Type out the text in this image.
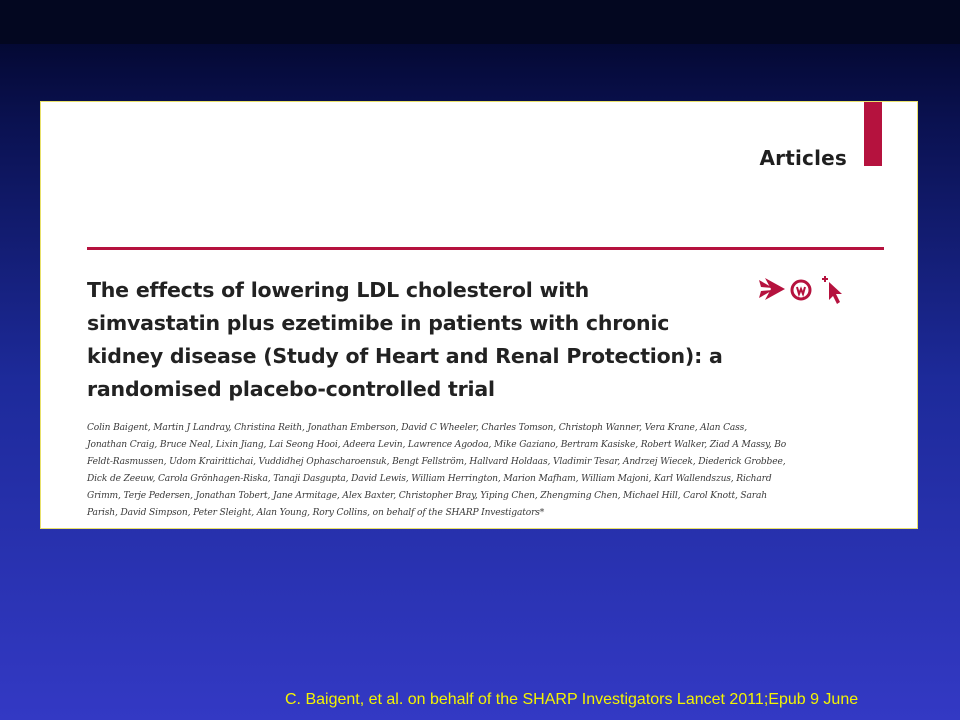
Articles
The effects of lowering LDL cholesterol with simvastatin plus ezetimibe in patients with chronic kidney disease (Study of Heart and Renal Protection): a randomised placebo-controlled trial

Colin Baigent, Martin J Landray, Christina Reith, Jonathan Emberson, David C Wheeler, Charles Tomson, Christoph Wanner, Vera Krane, Alan Cass, Jonathan Craig, Bruce Neal, Lixin Jiang, Lai Seong Hooi, Adeera Levin, Lawrence Agodoa, Mike Gaziano, Bertram Kasiske, Robert Walker, Ziad A Massy, Bo Feldt-Rasmussen, Udom Krairittichai, Vuddidhej Ophascharoensuk, Bengt Fellström, Hallvard Holdaas, Vladimir Tesar, Andrzej Wiecek, Diederick Grobbee, Dick de Zeeuw, Carola Grönhagen-Riska, Tanaji Dasgupta, David Lewis, William Herrington, Marion Mafham, William Majoni, Karl Wallendszus, Richard Grimm, Terje Pedersen, Jonathan Tobert, Jane Armitage, Alex Baxter, Christopher Bray, Yiping Chen, Zhengming Chen, Michael Hill, Carol Knott, Sarah Parish, David Simpson, Peter Sleight, Alan Young, Rory Collins, on behalf of the SHARP Investigators*

C. Baigent, et al. on behalf of the SHARP Investigators Lancet 2011;Epub 9 June
